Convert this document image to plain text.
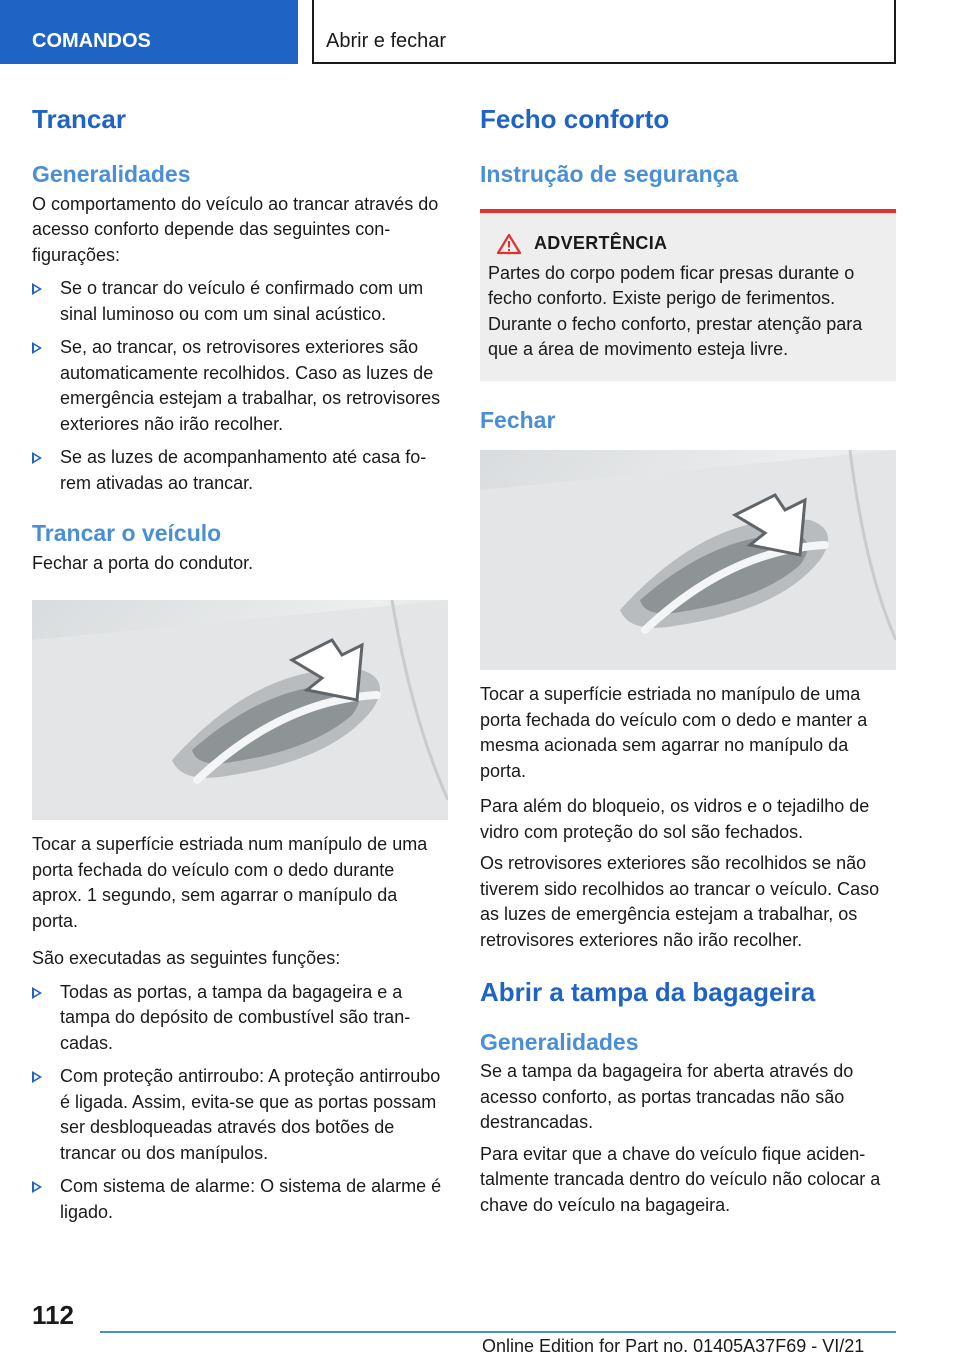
COMANDOS	Abrir e fechar
Trancar
Generalidades

O comportamento do veículo ao trancar através do acesso conforto depende das seguintes configurações:

Se o trancar do veículo é confirmado com um sinal luminoso ou com um sinal acústico.
Se, ao trancar, os retrovisores exteriores são automaticamente recolhidos. Caso as luzes de emergência estejam a trabalhar, os retrovisores exteriores não irão recolher.
Se as luzes de acompanhamento até casa forem ativadas ao trancar.
Trancar o veículo

Fechar a porta do condutor.

Tocar a superfície estriada num manípulo de uma porta fechada do veículo com o dedo durante aprox. 1 segundo, sem agarrar o manípulo da porta.

São executadas as seguintes funções:

Todas as portas, a tampa da bagageira e a tampa do depósito de combustível são trancadas.
Com proteção antirroubo: A proteção antirroubo é ligada. Assim, evita-se que as portas possam ser desbloqueadas através dos botões de trancar ou dos manípulos.
Com sistema de alarme: O sistema de alarme é ligado.
Fecho conforto
Instrução de segurança
ADVERTÊNCIA

Partes do corpo podem ficar presas durante o fecho conforto. Existe perigo de ferimentos. Durante o fecho conforto, prestar atenção para que a área de movimento esteja livre.

Fechar

Tocar a superfície estriada no manípulo de uma porta fechada do veículo com o dedo e manter a mesma acionada sem agarrar no manípulo da porta.

Para além do bloqueio, os vidros e o tejadilho de vidro com proteção do sol são fechados.

Os retrovisores exteriores são recolhidos se não tiverem sido recolhidos ao trancar o veículo. Caso as luzes de emergência estejam a trabalhar, os retrovisores exteriores não irão recolher.

Abrir a tampa da bagageira
Generalidades

Se a tampa da bagageira for aberta através do acesso conforto, as portas trancadas não são destrancadas.

Para evitar que a chave do veículo fique acidentalmente trancada dentro do veículo não colocar a chave do veículo na bagageira.

112
Online Edition for Part no. 01405A37F69 - VI/21
